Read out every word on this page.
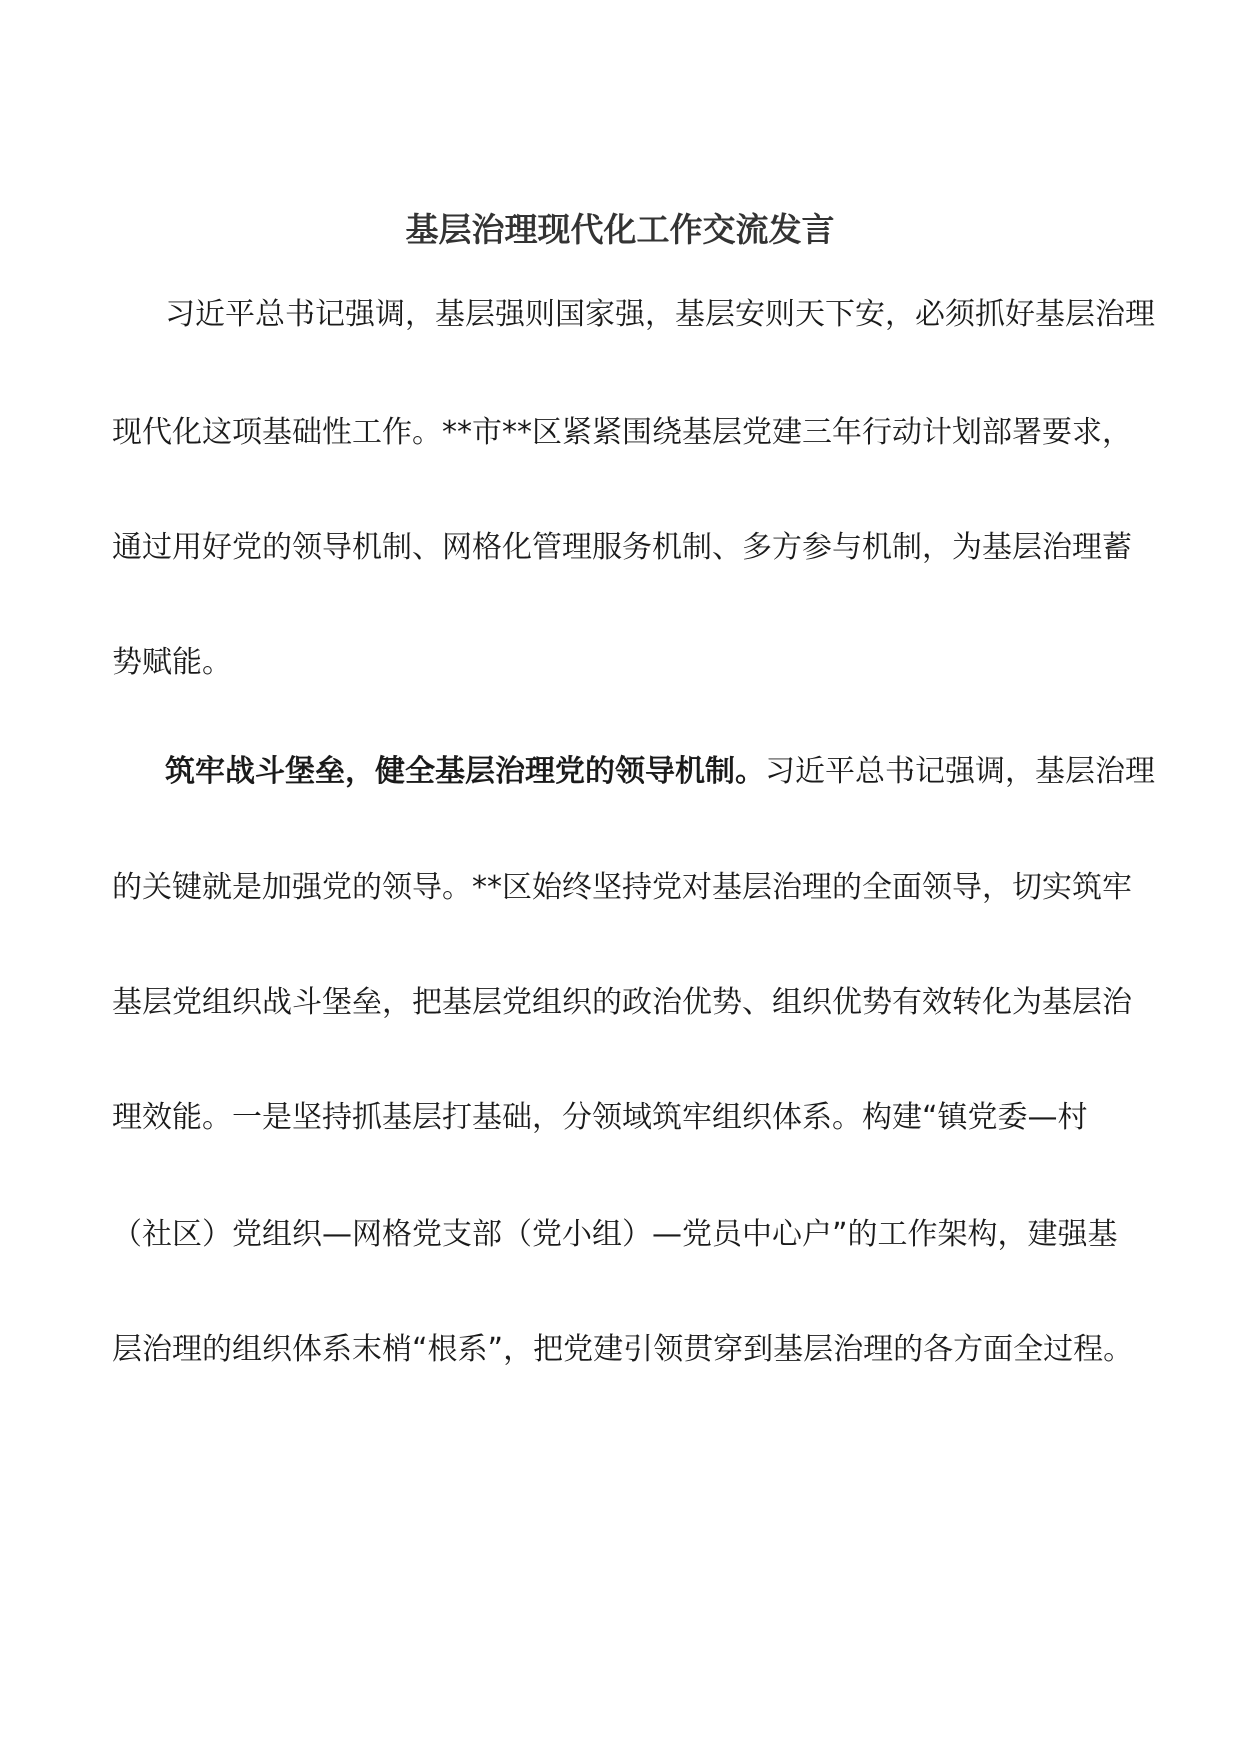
基层治理现代化工作交流发言

习近平总书记强调，基层强则国家强，基层安则天下安，必须抓好基层治理

现代化这项基础性工作。**市**区紧紧围绕基层党建三年行动计划部署要求，

通过用好党的领导机制、网格化管理服务机制、多方参与机制，为基层治理蓄

势赋能。

筑牢战斗堡垒，健全基层治理党的领导机制。习近平总书记强调，基层治理

的关键就是加强党的领导。**区始终坚持党对基层治理的全面领导，切实筑牢

基层党组织战斗堡垒，把基层党组织的政治优势、组织优势有效转化为基层治

理效能。一是坚持抓基层打基础，分领域筑牢组织体系。构建“镇党委—村

（社区）党组织—网格党支部（党小组）—党员中心户”的工作架构，建强基

层治理的组织体系末梢“根系”，把党建引领贯穿到基层治理的各方面全过程。
